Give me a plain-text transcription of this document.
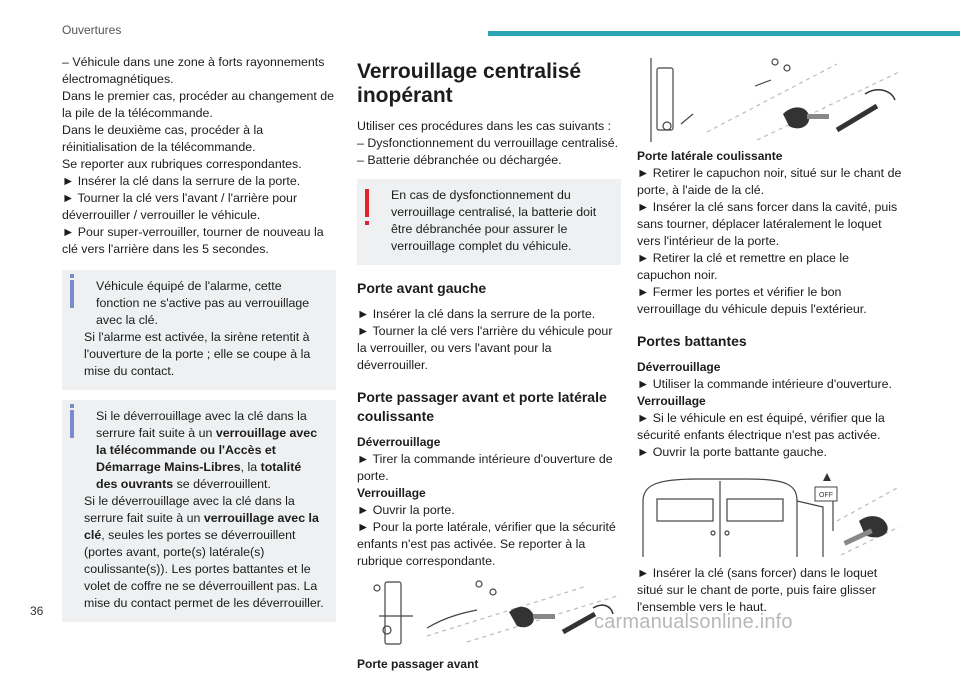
Ouvertures

– Véhicule dans une zone à forts rayonnements électromagnétiques.

Dans le premier cas, procéder au changement de la pile de la télécommande.

Dans le deuxième cas, procéder à la réinitialisation de la télécommande.

Se reporter aux rubriques correspondantes.

► Insérer la clé dans la serrure de la porte.

► Tourner la clé vers l'avant / l'arrière pour déverrouiller / verrouiller le véhicule.

► Pour super-verrouiller, tourner de nouveau la clé vers l'arrière dans les 5 secondes.

Véhicule équipé de l'alarme, cette fonction ne s'active pas au verrouillage avec la clé.

Si l'alarme est activée, la sirène retentit à l'ouverture de la porte ; elle se coupe à la mise du contact.

Si le déverrouillage avec la clé dans la serrure fait suite à un verrouillage avec la télécommande ou l'Accès et Démarrage Mains-Libres, la totalité des ouvrants se déverrouillent.

Si le déverrouillage avec la clé dans la serrure fait suite à un verrouillage avec la clé, seules les portes se déverrouillent (portes avant, porte(s) latérale(s) coulissante(s)). Les portes battantes et le volet de coffre ne se déverrouillent pas. La mise du contact permet de les déverrouiller.

Verrouillage centralisé inopérant

Utiliser ces procédures dans les cas suivants :

– Dysfonctionnement du verrouillage centralisé.

– Batterie débranchée ou déchargée.

En cas de dysfonctionnement du verrouillage centralisé, la batterie doit être débranchée pour assurer le verrouillage complet du véhicule.

Porte avant gauche

► Insérer la clé dans la serrure de la porte.

► Tourner la clé vers l'arrière du véhicule pour la verrouiller, ou vers l'avant pour la déverrouiller.

Porte passager avant et porte latérale coulissante

Déverrouillage

► Tirer la commande intérieure d'ouverture de porte.

Verrouillage

► Ouvrir la porte.

► Pour la porte latérale, vérifier que la sécurité enfants n'est pas activée. Se reporter à la rubrique correspondante.

Porte passager avant

Porte latérale coulissante

► Retirer le capuchon noir, situé sur le chant de porte, à l'aide de la clé.

► Insérer la clé sans forcer dans la cavité, puis sans tourner, déplacer latéralement le loquet vers l'intérieur de la porte.

► Retirer la clé et remettre en place le capuchon noir.

► Fermer les portes et vérifier le bon verrouillage du véhicule depuis l'extérieur.

Portes battantes

Déverrouillage

► Utiliser la commande intérieure d'ouverture.

Verrouillage

► Si le véhicule en est équipé, vérifier que la sécurité enfants électrique n'est pas activée.

► Ouvrir la porte battante gauche.

OFF

► Insérer la clé (sans forcer) dans le loquet situé sur le chant de porte, puis faire glisser l'ensemble vers le haut.

36	carmanualsonline.info
